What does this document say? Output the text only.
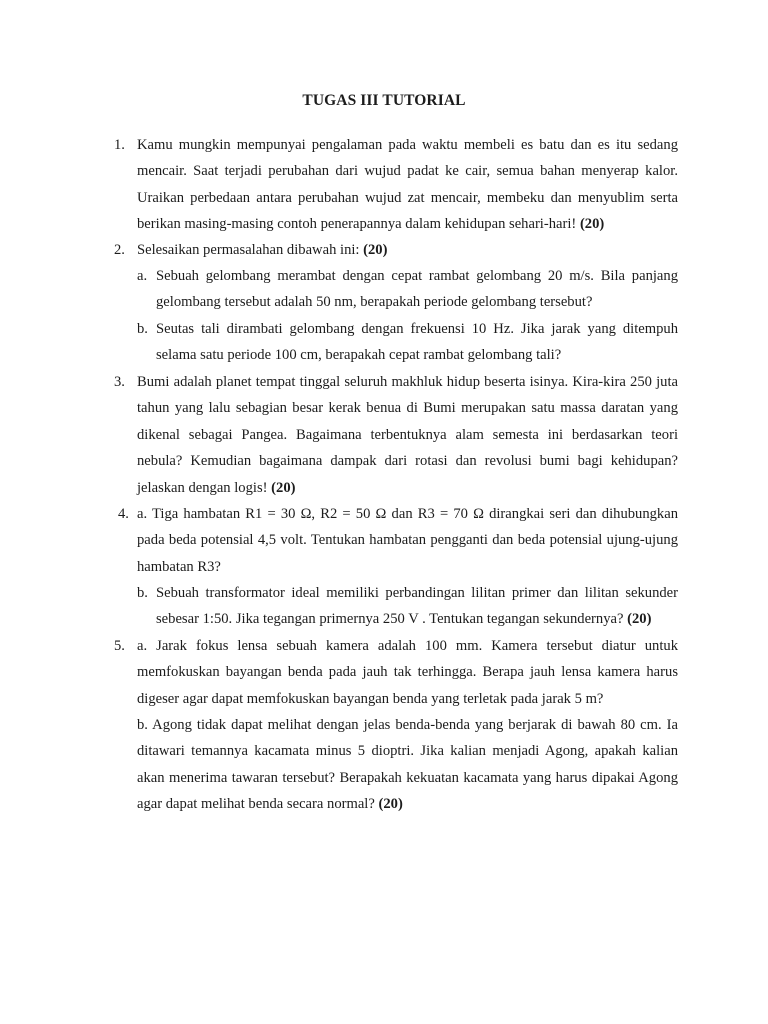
TUGAS III TUTORIAL
1. Kamu mungkin mempunyai pengalaman pada waktu membeli es batu dan es itu sedang mencair. Saat terjadi perubahan dari wujud padat ke cair, semua bahan menyerap kalor. Uraikan perbedaan antara perubahan wujud zat mencair, membeku dan menyublim serta berikan masing-masing contoh penerapannya dalam kehidupan sehari-hari! (20)
2. Selesaikan permasalahan dibawah ini: (20)
a. Sebuah gelombang merambat dengan cepat rambat gelombang 20 m/s. Bila panjang gelombang tersebut adalah 50 nm, berapakah periode gelombang tersebut?
b. Seutas tali dirambati gelombang dengan frekuensi 10 Hz. Jika jarak yang ditempuh selama satu periode 100 cm, berapakah cepat rambat gelombang tali?
3. Bumi adalah planet tempat tinggal seluruh makhluk hidup beserta isinya. Kira-kira 250 juta tahun yang lalu sebagian besar kerak benua di Bumi merupakan satu massa daratan yang dikenal sebagai Pangea. Bagaimana terbentuknya alam semesta ini berdasarkan teori nebula? Kemudian bagaimana dampak dari rotasi dan revolusi bumi bagi kehidupan? jelaskan dengan logis! (20)
4. a. Tiga hambatan R1 = 30 Ω, R2 = 50 Ω dan R3 = 70 Ω dirangkai seri dan dihubungkan pada beda potensial 4,5 volt. Tentukan hambatan pengganti dan beda potensial ujung-ujung hambatan R3?
b. Sebuah transformator ideal memiliki perbandingan lilitan primer dan lilitan sekunder sebesar 1:50. Jika tegangan primernya 250 V . Tentukan tegangan sekundernya? (20)
5. a. Jarak fokus lensa sebuah kamera adalah 100 mm. Kamera tersebut diatur untuk memfokuskan bayangan benda pada jauh tak terhingga. Berapa jauh lensa kamera harus digeser agar dapat memfokuskan bayangan benda yang terletak pada jarak 5 m?
b. Agong tidak dapat melihat dengan jelas benda-benda yang berjarak di bawah 80 cm. Ia ditawari temannya kacamata minus 5 dioptri. Jika kalian menjadi Agong, apakah kalian akan menerima tawaran tersebut? Berapakah kekuatan kacamata yang harus dipakai Agong agar dapat melihat benda secara normal? (20)
